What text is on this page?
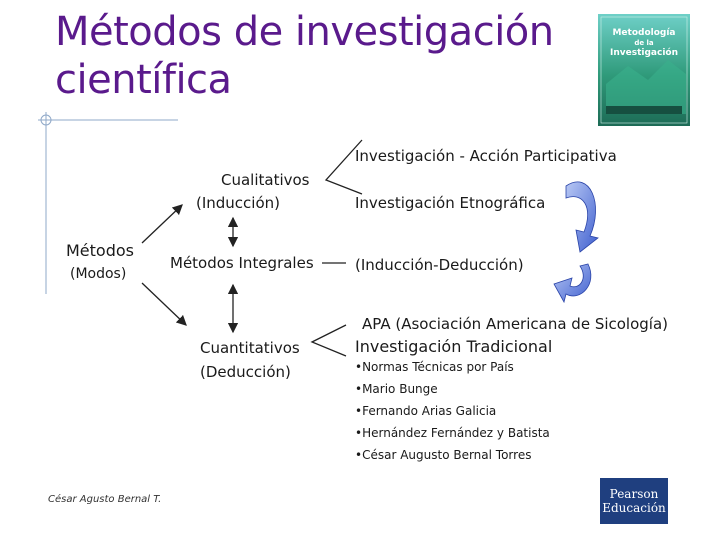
Métodos de investigación
científica
Metodología
de la
Investigación
Métodos
(Modos)
Cualitativos
(Inducción)
Métodos Integrales
Cuantitativos
(Deducción)
Investigación - Acción Participativa
Investigación Etnográfica
(Inducción-Deducción)
APA (Asociación Americana de Sicología)
Investigación Tradicional
•Normas Técnicas por País
•Mario Bunge
•Fernando Arias Galicia
•Hernández Fernández y Batista
•César Augusto Bernal Torres
César Agusto Bernal T.	Pearson
Educación
